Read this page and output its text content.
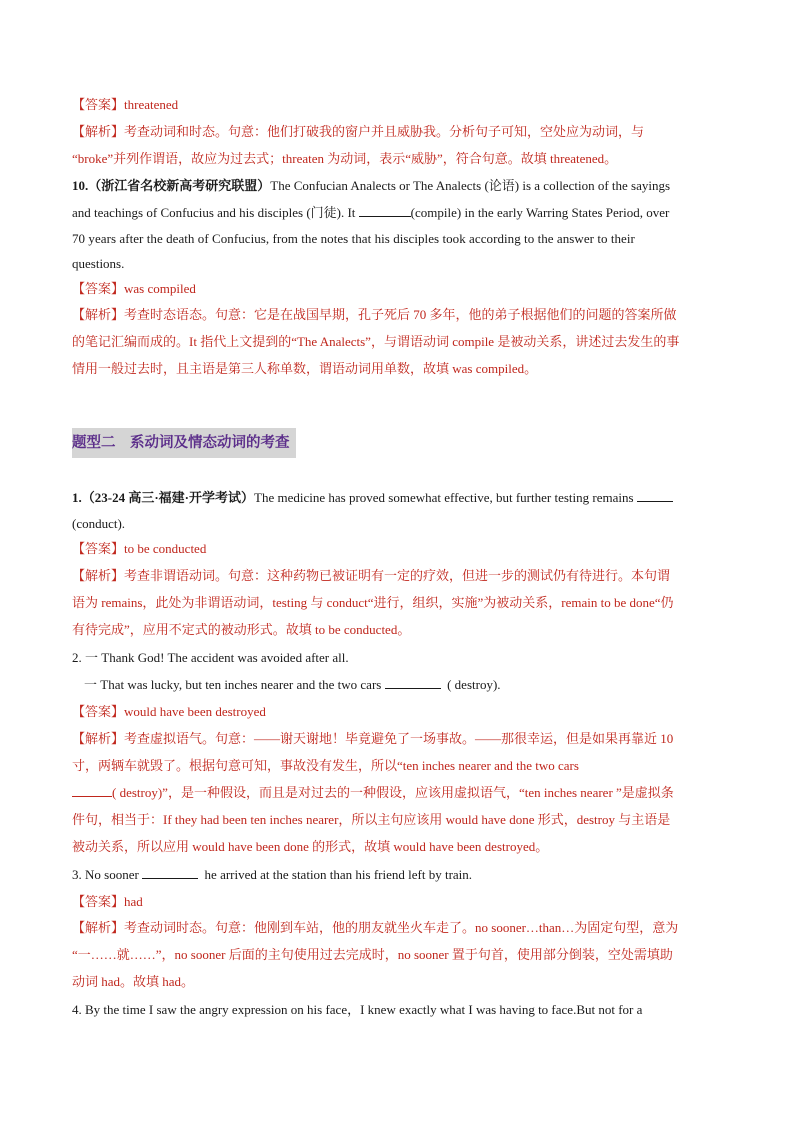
【答案】threatened

【解析】考查动词和时态。句意：他们打破我的窗户并且威胁我。分析句子可知，空处应为动词，与

“broke”并列作谓语，故应为过去式；threaten 为动词，表示“威胁”，符合句意。故填 threatened。

10.（浙江省名校新高考研究联盟）The Confucian Analects or The Analects (论语) is a collection of the sayings

and teachings of Confucius and his disciples (门徒). It	(compile) in the early Warring States Period, over

70 years after the death of Confucius, from the notes that his disciples took according to the answer to their

questions.

【答案】was compiled

【解析】考查时态语态。句意：它是在战国早期，孔子死后 70 多年，他的弟子根据他们的问题的答案所做

的笔记汇编而成的。It 指代上文提到的“The Analects”，与谓语动词 compile 是被动关系，讲述过去发生的事

情用一般过去时，且主语是第三人称单数，谓语动词用单数，故填 was compiled。

题型二　系动词及情态动词的考查

1.（23-24 高三·福建·开学考试）The medicine has proved somewhat effective, but further testing remains

(conduct).

【答案】to be conducted

【解析】考查非谓语动词。句意：这种药物已被证明有一定的疗效，但进一步的测试仍有待进行。本句谓

语为 remains，此处为非谓语动词，testing 与 conduct“进行，组织，实施”为被动关系，remain to be done“仍

有待完成”，应用不定式的被动形式。故填 to be conducted。

2. 一 Thank God! The accident was avoided after all.

一 That was lucky, but ten inches nearer and the two cars	( destroy).

【答案】would have been destroyed

【解析】考查虚拟语气。句意：——谢天谢地！毕竟避免了一场事故。——那很幸运，但是如果再靠近 10

寸，两辆车就毁了。根据句意可知，事故没有发生，所以“ten inches nearer and the two cars

( destroy)”，是一种假设，而且是对过去的一种假设，应该用虚拟语气，“ten inches nearer ”是虚拟条

件句，相当于：If they had been ten inches nearer，所以主句应该用 would have done 形式，destroy 与主语是

被动关系，所以应用 would have been done 的形式，故填 would have been destroyed。

3. No sooner	he arrived at the station than his friend left by train.

【答案】had

【解析】考查动词时态。句意：他刚到车站，他的朋友就坐火车走了。no sooner…than…为固定句型，意为

“一……就……”，no sooner 后面的主句使用过去完成时，no sooner 置于句首，使用部分倒装，空处需填助

动词 had。故填 had。

4. By the time I saw the angry expression on his face，I knew exactly what I was having to face.But not for a
